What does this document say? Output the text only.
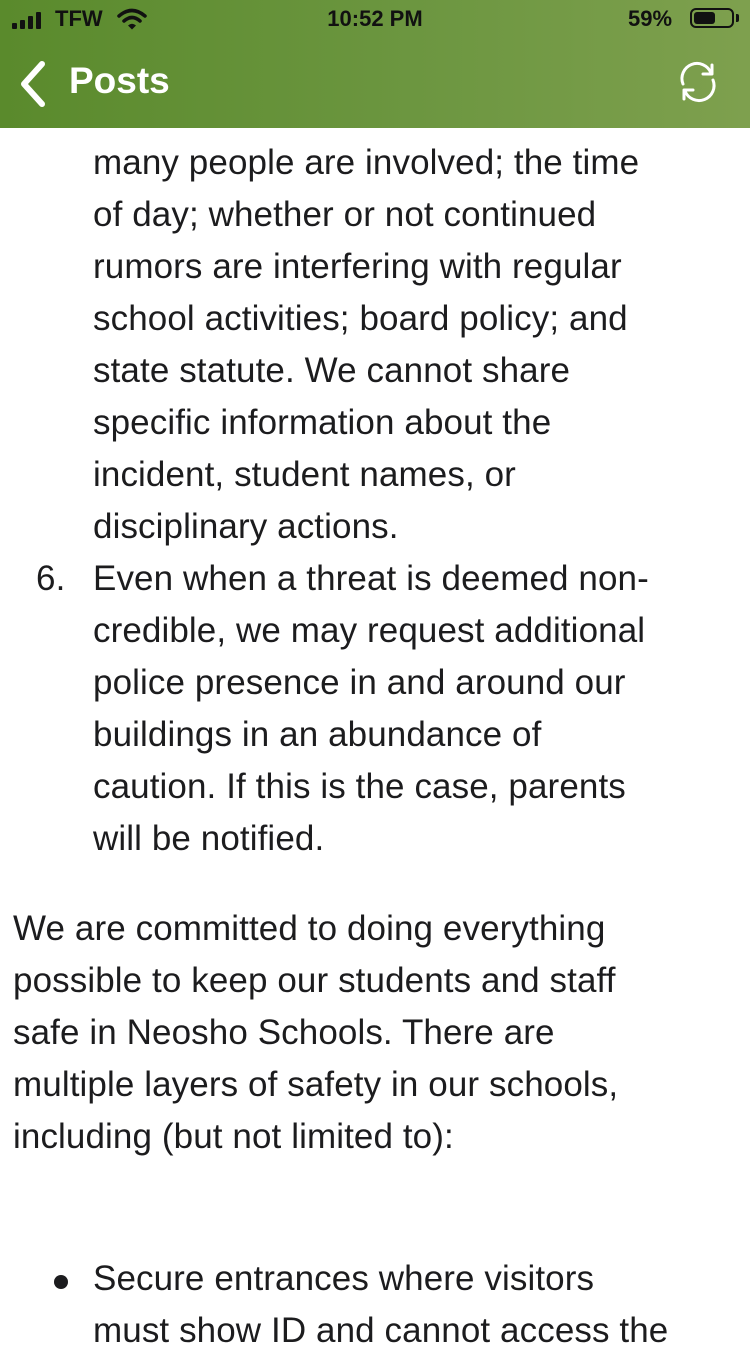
many people are involved; the time
of day; whether or not continued
rumors are interfering with regular
school activities; board policy; and
state statute. We cannot share
specific information about the
incident, student names, or
disciplinary actions.
6. Even when a threat is deemed non-
credible, we may request additional
police presence in and around our
buildings in an abundance of
caution. If this is the case, parents
will be notified.
We are committed to doing everything
possible to keep our students and staff
safe in Neosho Schools. There are
multiple layers of safety in our schools,
including (but not limited to):
Secure entrances where visitors
must show ID and cannot access the
TFW	10:52 PM	59%
Posts
